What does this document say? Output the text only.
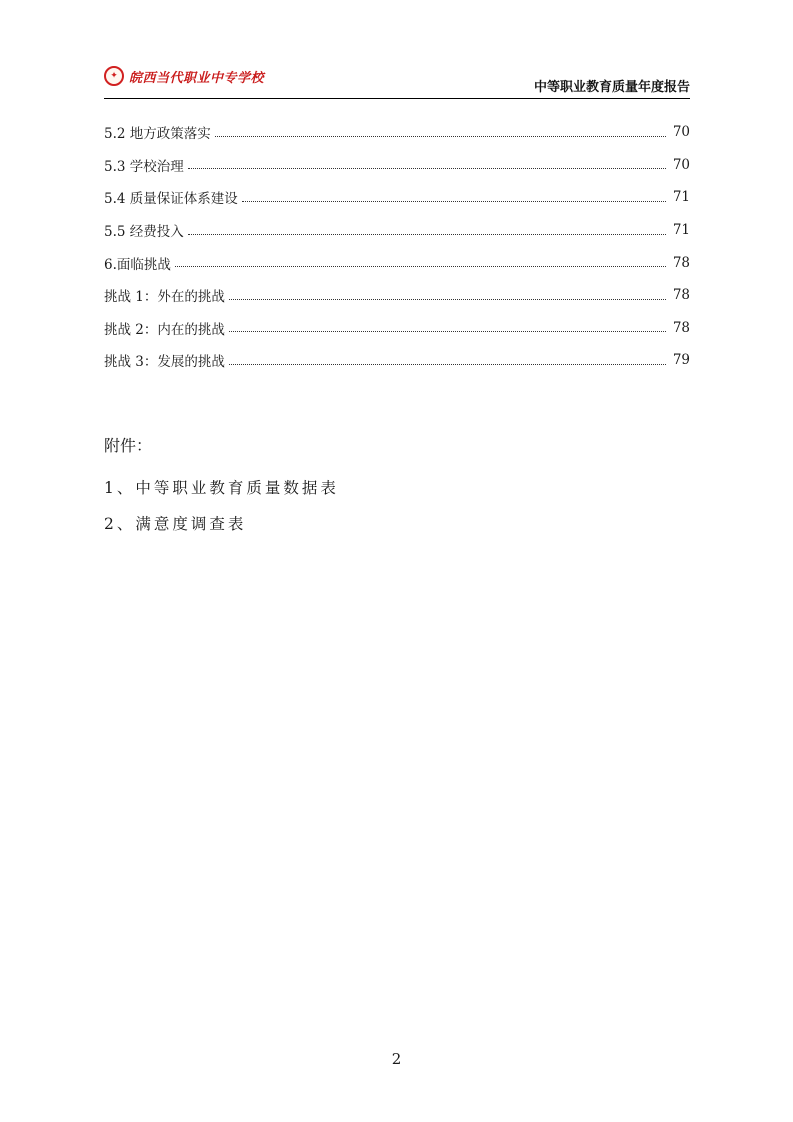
✦ 皖西当代职业中专学校
中等职业教育质量年度报告
5.2 地方政策落实	70
5.3 学校治理	70
5.4 质量保证体系建设	71
5.5 经费投入	71
6.面临挑战	78
挑战 1：外在的挑战	78
挑战 2：内在的挑战	78
挑战 3：发展的挑战	79
附件：
1、中等职业教育质量数据表
2、满意度调查表
2
